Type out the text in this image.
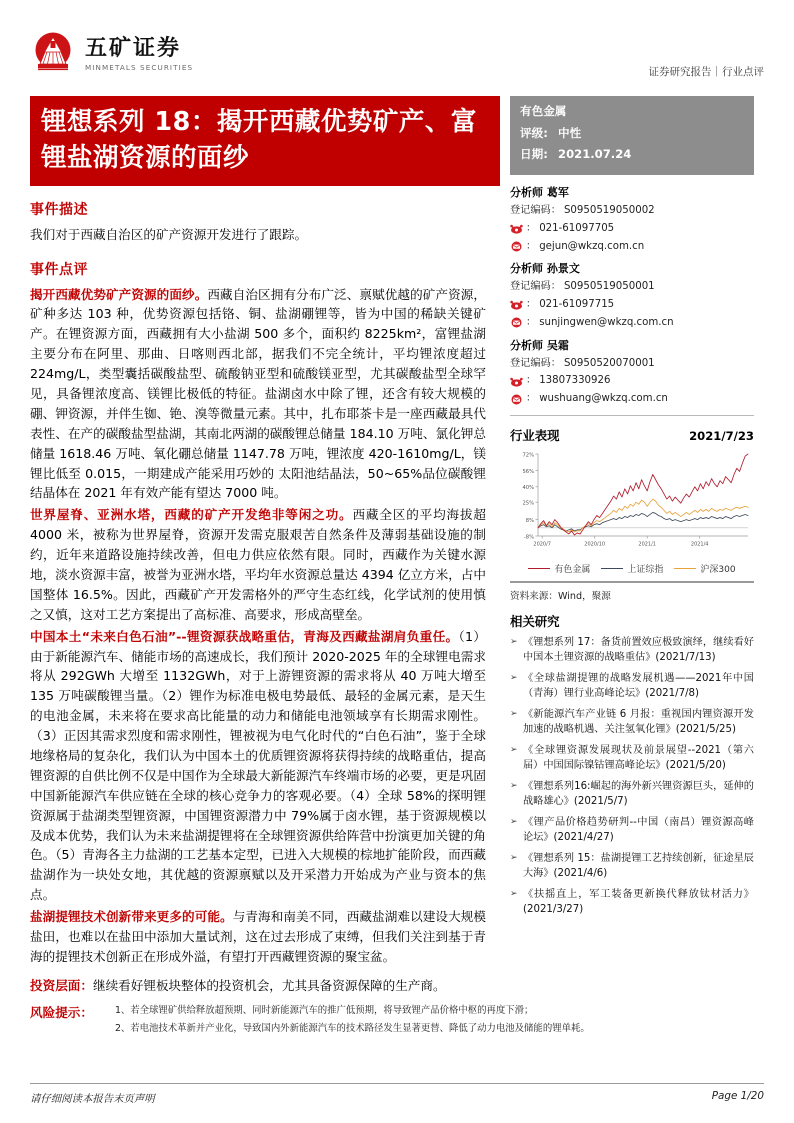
五矿证券
MINMETALS SECURITIES	证券研究报告｜行业点评
锂想系列 18：揭开西藏优势矿产、富锂盐湖资源的面纱
事件描述

我们对于西藏自治区的矿产资源开发进行了跟踪。

事件点评

揭开西藏优势矿产资源的面纱。西藏自治区拥有分布广泛、禀赋优越的矿产资源，矿种多达 103 种，优势资源包括铬、铜、盐湖硼锂等，皆为中国的稀缺关键矿产。在锂资源方面，西藏拥有大小盐湖 500 多个，面积约 8225km²，富锂盐湖主要分布在阿里、那曲、日喀则西北部，据我们不完全统计，平均锂浓度超过 224mg/L，类型囊括碳酸盐型、硫酸钠亚型和硫酸镁亚型，尤其碳酸盐型全球罕见，具备锂浓度高、镁锂比极低的特征。盐湖卤水中除了锂，还含有较大规模的硼、钾资源，并伴生铷、铯、溴等微量元素。其中，扎布耶茶卡是一座西藏最具代表性、在产的碳酸盐型盐湖，其南北两湖的碳酸锂总储量 184.10 万吨、氯化钾总储量 1618.46 万吨、氧化硼总储量 1147.78 万吨，锂浓度 420-1610mg/L，镁锂比低至 0.015，一期建成产能采用巧妙的 太阳池结晶法，50~65%品位碳酸锂结晶体在 2021 年有效产能有望达 7000 吨。

世界屋脊、亚洲水塔，西藏的矿产开发绝非等闲之功。西藏全区的平均海拔超 4000 米，被称为世界屋脊，资源开发需克服艰苦自然条件及薄弱基础设施的制约，近年来道路设施持续改善，但电力供应依然有限。同时，西藏作为关键水源地，淡水资源丰富，被誉为亚洲水塔，平均年水资源总量达 4394 亿立方米，占中国整体 16.5%。因此，西藏矿产开发需格外的严守生态红线，化学试剂的使用慎之又慎，这对工艺方案提出了高标准、高要求，形成高壁垒。

中国本土“未来白色石油”--锂资源获战略重估，青海及西藏盐湖肩负重任。（1）由于新能源汽车、储能市场的高速成长，我们预计 2020-2025 年的全球锂电需求将从 292GWh 大增至 1132GWh，对于上游锂资源的需求将从 40 万吨大增至 135 万吨碳酸锂当量。（2）锂作为标准电极电势最低、最轻的金属元素，是天生的电池金属，未来将在要求高比能量的动力和储能电池领域享有长期需求刚性。（3）正因其需求烈度和需求刚性，锂被视为电气化时代的“白色石油”，鉴于全球地缘格局的复杂化，我们认为中国本土的优质锂资源将获得持续的战略重估，提高锂资源的自供比例不仅是中国作为全球最大新能源汽车终端市场的必要，更是巩固中国新能源汽车供应链在全球的核心竞争力的客观必要。（4）全球 58%的探明锂资源属于盐湖类型锂资源，中国锂资源潜力中 79%属于卤水锂，基于资源规模以及成本优势，我们认为未来盐湖提锂将在全球锂资源供给阵营中扮演更加关键的角色。（5）青海各主力盐湖的工艺基本定型，已进入大规模的棕地扩能阶段，而西藏盐湖作为一块处女地，其优越的资源禀赋以及开采潜力开始成为产业与资本的焦点。

盐湖提锂技术创新带来更多的可能。与青海和南美不同，西藏盐湖难以建设大规模盐田，也难以在盐田中添加大量试剂，这在过去形成了束缚，但我们关注到基于青海的提锂技术创新正在形成外溢，有望打开西藏锂资源的聚宝盆。

投资层面： 继续看好锂板块整体的投资机会，尤其具备资源保障的生产商。
风险提示： 1、若全球锂矿供给释放超预期、同时新能源汽车的推广低预期，将导致锂产品价格中枢的再度下滑；
2、若电池技术革新并产业化，导致国内外新能源汽车的技术路径发生显著更替、降低了动力电池及储能的锂单耗。
有色金属
评级: 中性
日期: 2021.07.24
分析师 葛军
登记编码： S0950519050002
： 021-61097705
： gejun@wkzq.com.cn
分析师 孙景文
登记编码： S0950519050001
： 021-61097715
： sunjingwen@wkzq.com.cn
分析师 吴霜
登记编码： S0950520070001
： 13807330926
： wushuang@wkzq.com.cn
行业表现	2021/7/23
-8%
8%
25%
40%
56%
72%
2020/7	2020/10	2021/1	2021/4
有色金属	上证综指	沪深300
资料来源：Wind，聚源
相关研究
➢ 《锂想系列 17：备货前置效应极致演绎，继续看好中国本土锂资源的战略重估》(2021/7/13)
➢ 《全球盐湖提锂的战略发展机遇——2021年中国（青海）锂行业高峰论坛》(2021/7/8)
➢ 《新能源汽车产业链 6 月报：重视国内锂资源开发加速的战略机遇、关注氢氧化锂》(2021/5/25)
➢ 《全球锂资源发展现状及前景展望--2021（第六届）中国国际镍钴锂高峰论坛》(2021/5/20)
➢ 《锂想系列16:崛起的海外新兴锂资源巨头，延伸的战略雄心》(2021/5/7)
➢ 《锂产品价格趋势研判--中国（南昌）锂资源高峰论坛》(2021/4/27)
➢ 《锂想系列 15：盐湖提锂工艺持续创新，征途星辰大海》(2021/4/6)
➢ 《扶摇直上，军工装备更新换代释放钛材活力》(2021/3/27)
请仔细阅读本报告末页声明	Page 1/20
